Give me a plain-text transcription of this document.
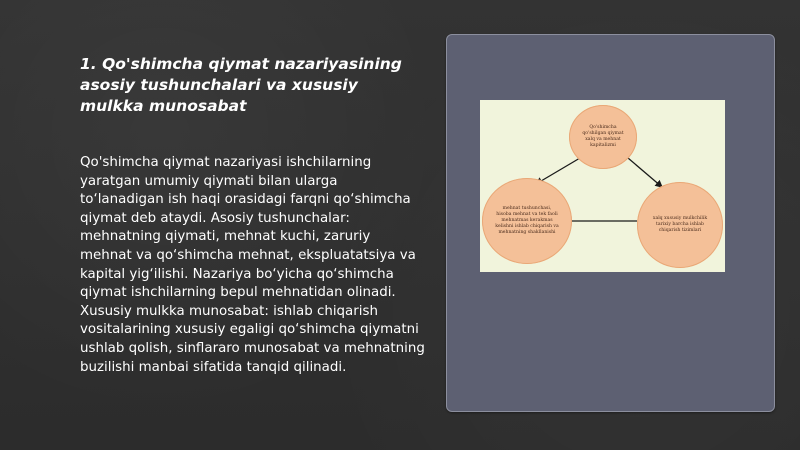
1. Qo'shimcha qiymat nazariyasining asosiy tushunchalari va xususiy mulkka munosabat

Qo'shimcha qiymat nazariyasi ishchilarning yaratgan umumiy qiymati bilan ularga to‘lanadigan ish haqi orasidagi farqni qo‘shimcha qiymat deb ataydi. Asosiy tushunchalar: mehnatning qiymati, mehnat kuchi, zaruriy mehnat va qo‘shimcha mehnat, ekspluatatsiya va kapital yig‘ilishi. Nazariya bo‘yicha qo‘shimcha qiymat ishchilarning bepul mehnatidan olinadi. Xususiy mulkka munosabat: ishlab chiqarish vositalarining xususiy egaligi qo‘shimcha qiymatni ushlab qolish, sinflararo munosabat va mehnatning buzilishi manbai sifatida tanqid qilinadi.

Qo'shimcha qo'shilgan qiymat xalq va mehnat kapitalizmi
mehnat tushunchasi, hisoba mehnat va tek faoli mehnatmas kerakmas kelishni ishlab chiqarish va mehnatning shakllanishi
xalq xususiy mulkchilik tarixiy barcha ishlab chiqarish tizimlari
